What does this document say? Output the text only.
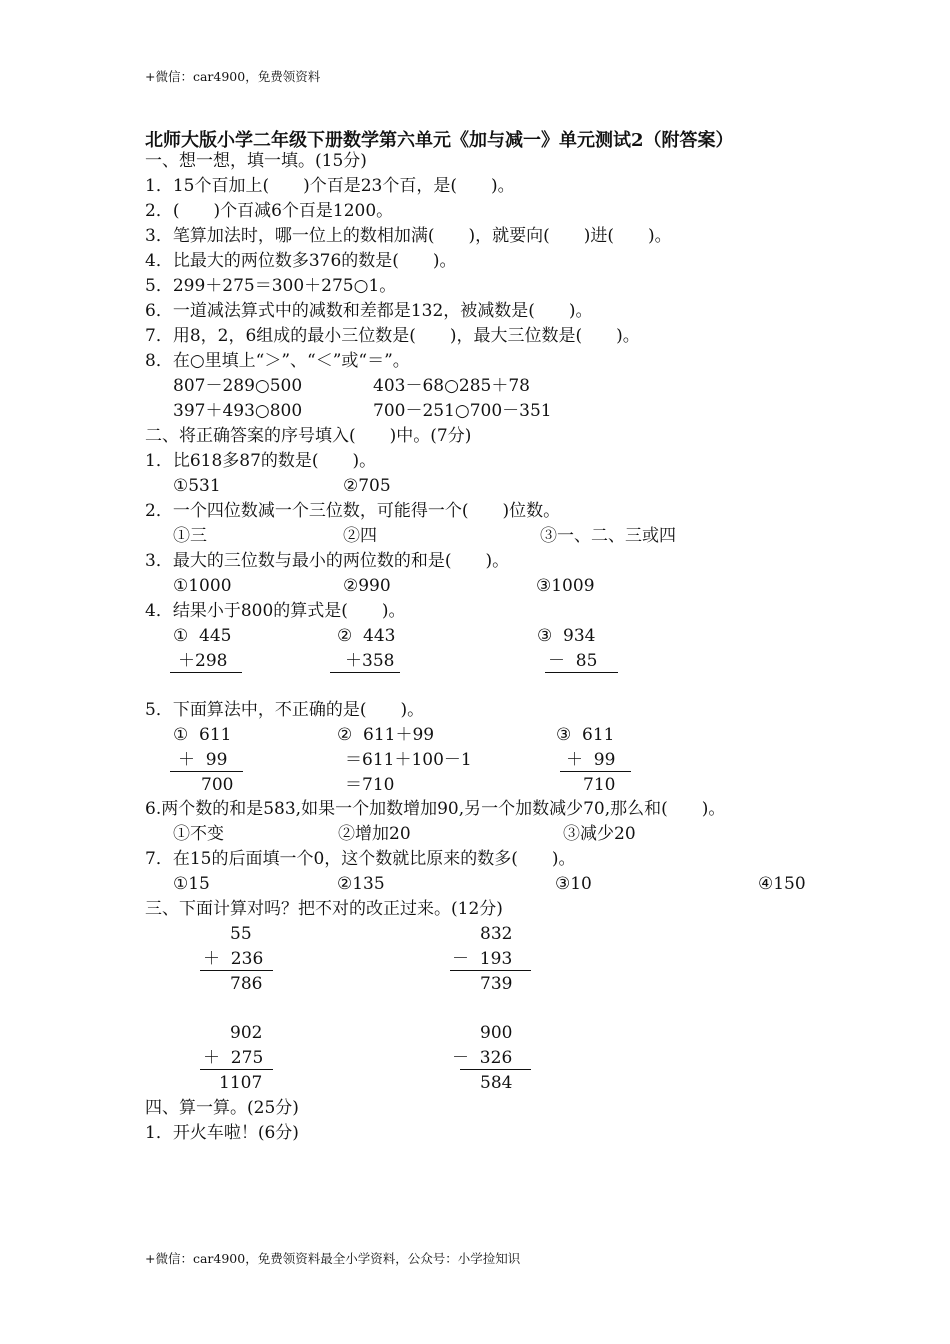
+微信：car4900，免费领资料
北师大版小学二年级下册数学第六单元《加与减一》单元测试2（附答案）
一、想一想，填一填。(15分)
1．15个百加上(　　)个百是23个百，是(　　)。
2．(　　)个百减6个百是1200。
3．笔算加法时，哪一位上的数相加满(　　)，就要向(　　)进(　　)。
4．比最大的两位数多376的数是(　　)。
5．299＋275＝300＋275○1。
6．一道减法算式中的减数和差都是132，被减数是(　　)。
7．用8，2，6组成的最小三位数是(　　)，最大三位数是(　　)。
8．在○里填上“＞”、“＜”或“＝”。
807－289○500	403－68○285＋78
397＋493○800	700－251○700－351
二、将正确答案的序号填入(　　)中。(7分)
1．比618多87的数是(　　)。
①531	②705
2．一个四位数减一个三位数，可能得一个(　　)位数。
①三	②四	③一、二、三或四
3．最大的三位数与最小的两位数的和是(　　)。
①1000	②990	③1009
4．结果小于800的算式是(　　)。
①  445
＋298
②  443
＋358
③  934
－  85
5．下面算法中，不正确的是(　　)。
①  611
＋  99
700
②  611＋99
＝611＋100－1
＝710
③  611
＋  99
710
6.两个数的和是583,如果一个加数增加90,另一个加数减少70,那么和(　　)。
①不变	②增加20	③减少20
7．在15的后面填一个0，这个数就比原来的数多(　　)。
①15	②135	③10	④150
三、下面计算对吗？把不对的改正过来。(12分)
55
＋  236
786
832
－  193
739
902
＋  275
1107
900
－  326
584
四、算一算。(25分)
1．开火车啦！(6分)
+微信：car4900，免费领资料最全小学资料，公众号：小学捡知识
